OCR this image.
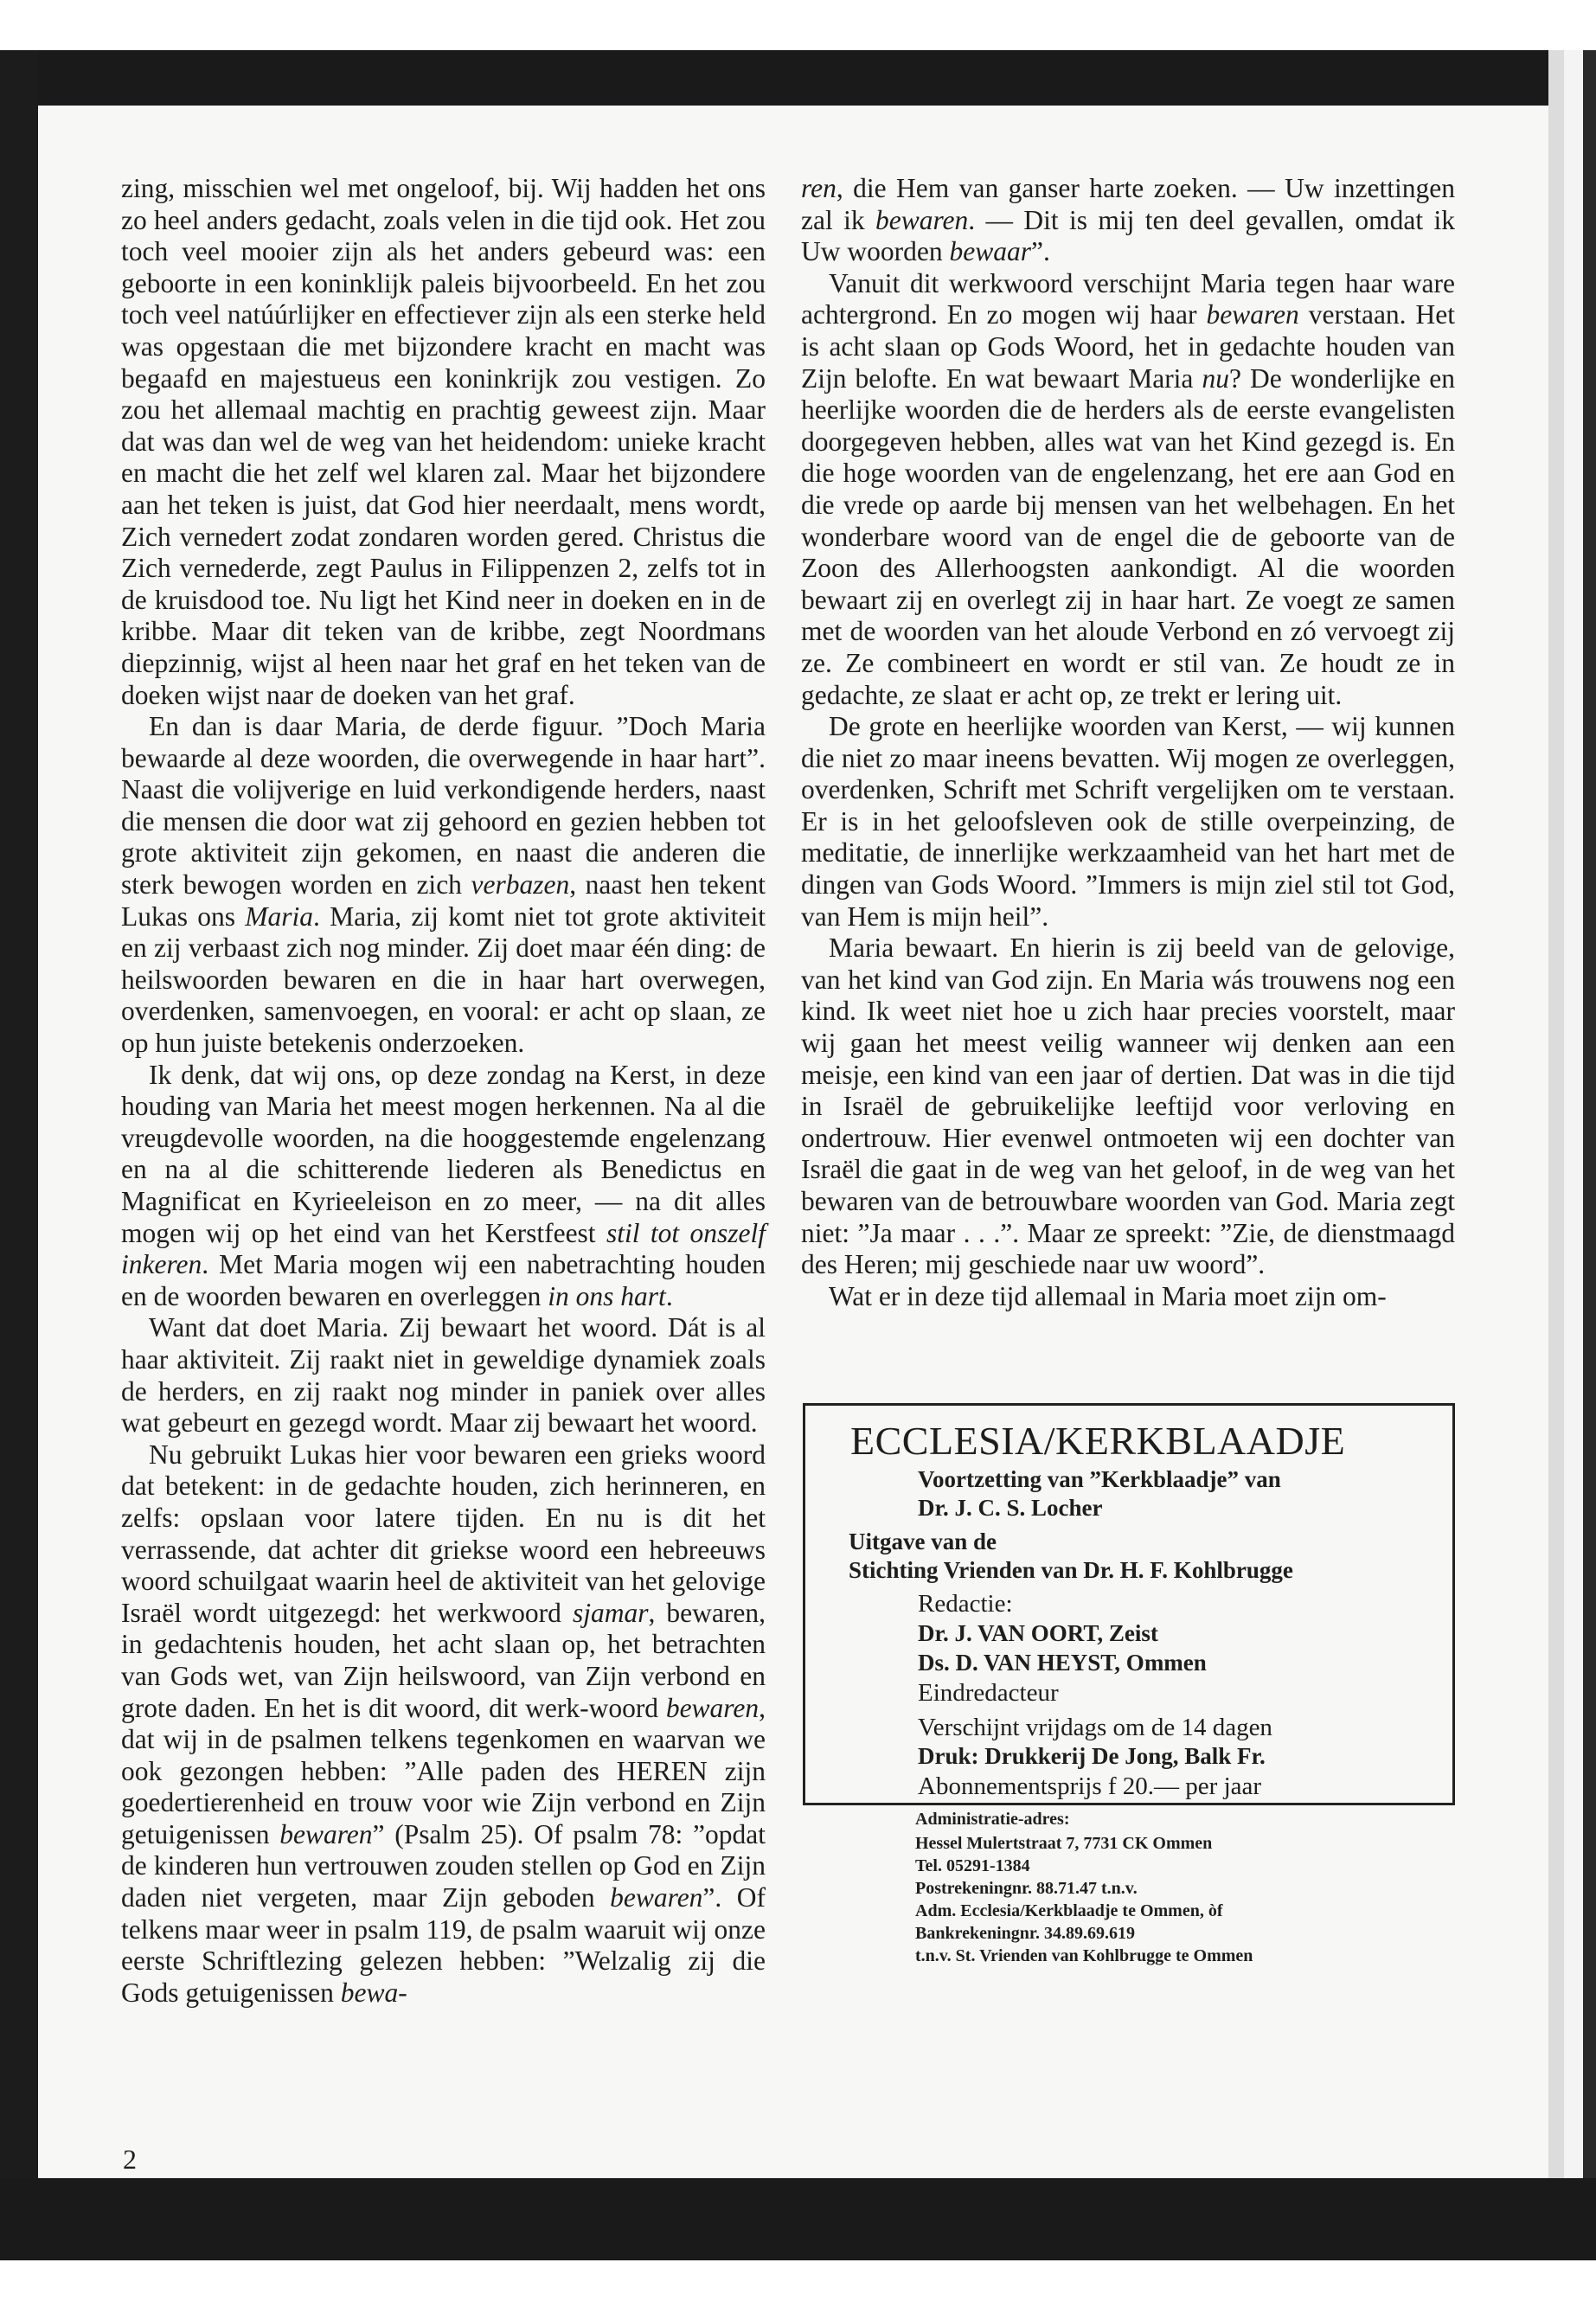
zing, misschien wel met ongeloof, bij. Wij hadden het ons zo heel anders gedacht, zoals velen in die tijd ook. Het zou toch veel mooier zijn als het anders gebeurd was: een geboorte in een koninklijk paleis bijvoorbeeld. En het zou toch veel natúúrlijker en effectiever zijn als een sterke held was opgestaan die met bijzondere kracht en macht was begaafd en majestueus een koninkrijk zou vestigen. Zo zou het allemaal machtig en prachtig geweest zijn. Maar dat was dan wel de weg van het heidendom: unieke kracht en macht die het zelf wel klaren zal. Maar het bijzondere aan het teken is juist, dat God hier neerdaalt, mens wordt, Zich vernedert zodat zondaren worden gered. Christus die Zich vernederde, zegt Paulus in Filippenzen 2, zelfs tot in de kruisdood toe. Nu ligt het Kind neer in doeken en in de kribbe. Maar dit teken van de kribbe, zegt Noordmans diepzinnig, wijst al heen naar het graf en het teken van de doeken wijst naar de doeken van het graf.

En dan is daar Maria, de derde figuur. ”Doch Maria bewaarde al deze woorden, die overwegende in haar hart”. Naast die volijverige en luid verkondigende herders, naast die mensen die door wat zij gehoord en gezien hebben tot grote aktiviteit zijn gekomen, en naast die anderen die sterk bewogen worden en zich verbazen, naast hen tekent Lukas ons Maria. Maria, zij komt niet tot grote aktiviteit en zij verbaast zich nog minder. Zij doet maar één ding: de heilswoorden bewaren en die in haar hart overwegen, overdenken, samenvoegen, en vooral: er acht op slaan, ze op hun juiste betekenis onderzoeken.

Ik denk, dat wij ons, op deze zondag na Kerst, in deze houding van Maria het meest mogen herkennen. Na al die vreugdevolle woorden, na die hooggestemde engelenzang en na al die schitterende liederen als Benedictus en Magnificat en Kyrieeleison en zo meer, — na dit alles mogen wij op het eind van het Kerstfeest stil tot onszelf inkeren. Met Maria mogen wij een nabetrachting houden en de woorden bewaren en overleggen in ons hart.

Want dat doet Maria. Zij bewaart het woord. Dát is al haar aktiviteit. Zij raakt niet in geweldige dynamiek zoals de herders, en zij raakt nog minder in paniek over alles wat gebeurt en gezegd wordt. Maar zij bewaart het woord.

Nu gebruikt Lukas hier voor bewaren een grieks woord dat betekent: in de gedachte houden, zich herinneren, en zelfs: opslaan voor latere tijden. En nu is dit het verrassende, dat achter dit griekse woord een hebreeuws woord schuilgaat waarin heel de aktiviteit van het gelovige Israël wordt uitgezegd: het werkwoord sjamar, bewaren, in gedachtenis houden, het acht slaan op, het betrachten van Gods wet, van Zijn heilswoord, van Zijn verbond en grote daden. En het is dit woord, dit werk-woord bewaren, dat wij in de psalmen telkens tegenkomen en waarvan we ook gezongen hebben: ”Alle paden des HEREN zijn goedertierenheid en trouw voor wie Zijn verbond en Zijn getuigenissen bewaren” (Psalm 25). Of psalm 78: ”opdat de kinderen hun vertrouwen zouden stellen op God en Zijn daden niet vergeten, maar Zijn geboden bewaren”. Of telkens maar weer in psalm 119, de psalm waaruit wij onze eerste Schriftlezing gelezen hebben: ”Welzalig zij die Gods getuigenissen bewa-

ren, die Hem van ganser harte zoeken. — Uw inzettingen zal ik bewaren. — Dit is mij ten deel gevallen, omdat ik Uw woorden bewaar”.

Vanuit dit werkwoord verschijnt Maria tegen haar ware achtergrond. En zo mogen wij haar bewaren verstaan. Het is acht slaan op Gods Woord, het in gedachte houden van Zijn belofte. En wat bewaart Maria nu? De wonderlijke en heerlijke woorden die de herders als de eerste evangelisten doorgegeven hebben, alles wat van het Kind gezegd is. En die hoge woorden van de engelenzang, het ere aan God en die vrede op aarde bij mensen van het welbehagen. En het wonderbare woord van de engel die de geboorte van de Zoon des Allerhoogsten aankondigt. Al die woorden bewaart zij en overlegt zij in haar hart. Ze voegt ze samen met de woorden van het aloude Verbond en zó vervoegt zij ze. Ze combineert en wordt er stil van. Ze houdt ze in gedachte, ze slaat er acht op, ze trekt er lering uit.

De grote en heerlijke woorden van Kerst, — wij kunnen die niet zo maar ineens bevatten. Wij mogen ze overleggen, overdenken, Schrift met Schrift vergelijken om te verstaan. Er is in het geloofsleven ook de stille overpeinzing, de meditatie, de innerlijke werkzaamheid van het hart met de dingen van Gods Woord. ”Immers is mijn ziel stil tot God, van Hem is mijn heil”.

Maria bewaart. En hierin is zij beeld van de gelovige, van het kind van God zijn. En Maria wás trouwens nog een kind. Ik weet niet hoe u zich haar precies voorstelt, maar wij gaan het meest veilig wanneer wij denken aan een meisje, een kind van een jaar of dertien. Dat was in die tijd in Israël de gebruikelijke leeftijd voor verloving en ondertrouw. Hier evenwel ontmoeten wij een dochter van Israël die gaat in de weg van het geloof, in de weg van het bewaren van de betrouwbare woorden van God. Maria zegt niet: ”Ja maar . . .”. Maar ze spreekt: ”Zie, de dienstmaagd des Heren; mij geschiede naar uw woord”.

Wat er in deze tijd allemaal in Maria moet zijn om-

2
ECCLESIA/KERKBLAADJE
Voortzetting van ”Kerkblaadje” van
Dr. J. C. S. Locher
Uitgave van de
Stichting Vrienden van Dr. H. F. Kohlbrugge
Redactie:
Dr. J. VAN OORT, Zeist
Ds. D. VAN HEYST, Ommen
Eindredacteur
Verschijnt vrijdags om de 14 dagen
Druk: Drukkerij De Jong, Balk Fr.
Abonnementsprijs f 20.— per jaar
Administratie-adres:
Hessel Mulertstraat 7, 7731 CK Ommen
Tel. 05291-1384
Postrekeningnr. 88.71.47 t.n.v.
Adm. Ecclesia/Kerkblaadje te Ommen, òf
Bankrekeningnr. 34.89.69.619
t.n.v. St. Vrienden van Kohlbrugge te Ommen
